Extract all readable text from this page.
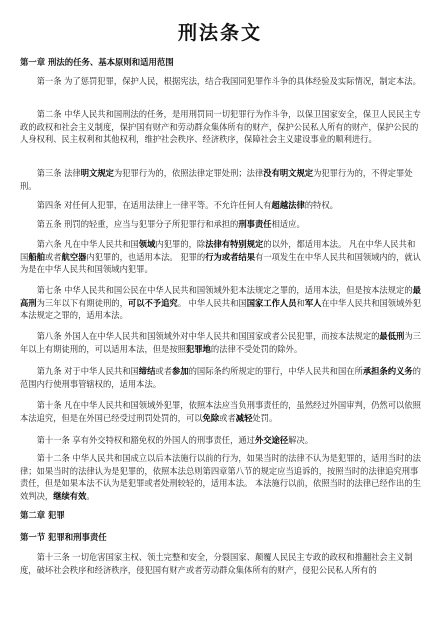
刑法条文
第一章 刑法的任务、基本原则和适用范围

第一条 为了惩罚犯罪，保护人民，根据宪法，结合我国同犯罪作斗争的具体经验及实际情况，制定本法。

第二条 中华人民共和国刑法的任务，是用刑罚同一切犯罪行为作斗争，以保卫国家安全，保卫人民民主专政的政权和社会主义制度，保护国有财产和劳动群众集体所有的财产，保护公民私人所有的财产，保护公民的人身权利、民主权利和其他权利，维护社会秩序、经济秩序，保障社会主义建设事业的顺利进行。

第三条 法律明文规定为犯罪行为的，依照法律定罪处刑；法律没有明文规定为犯罪行为的，不得定罪处刑。

第四条 对任何人犯罪，在适用法律上一律平等。不允许任何人有超越法律的特权。

第五条 刑罚的轻重，应当与犯罪分子所犯罪行和承担的刑事责任相适应。

第六条 凡在中华人民共和国领域内犯罪的，除法律有特别规定的以外，都适用本法。 凡在中华人民共和国船舶或者航空器内犯罪的，也适用本法。 犯罪的行为或者结果有一项发生在中华人民共和国领域内的，就认为是在中华人民共和国领域内犯罪。

第七条 中华人民共和国公民在中华人民共和国领域外犯本法规定之罪的，适用本法，但是按本法规定的最高刑为三年以下有期徒刑的，可以不予追究。 中华人民共和国国家工作人员和军人在中华人民共和国领域外犯本法规定之罪的，适用本法。

第八条 外国人在中华人民共和国领域外对中华人民共和国国家或者公民犯罪，而按本法规定的最低刑为三年以上有期徒刑的，可以适用本法，但是按照犯罪地的法律不受处罚的除外。

第九条 对于中华人民共和国缔结或者参加的国际条约所规定的罪行，中华人民共和国在所承担条约义务的范围内行使刑事管辖权的，适用本法。

第十条 凡在中华人民共和国领域外犯罪，依照本法应当负刑事责任的，虽然经过外国审判，仍然可以依照本法追究，但是在外国已经受过刑罚处罚的，可以免除或者减轻处罚。

第十一条 享有外交特权和豁免权的外国人的刑事责任，通过外交途径解决。

第十二条 中华人民共和国成立以后本法施行以前的行为，如果当时的法律不认为是犯罪的，适用当时的法律；如果当时的法律认为是犯罪的，依照本法总则第四章第八节的规定应当追诉的，按照当时的法律追究刑事责任，但是如果本法不认为是犯罪或者处刑较轻的，适用本法。 本法施行以前，依照当时的法律已经作出的生效判决，继续有效。

第二章 犯罪
第一节 犯罪和刑事责任

第十三条 一切危害国家主权、领土完整和安全，分裂国家、颠覆人民民主专政的政权和推翻社会主义制度，破坏社会秩序和经济秩序，侵犯国有财产或者劳动群众集体所有的财产，侵犯公民私人所有的
